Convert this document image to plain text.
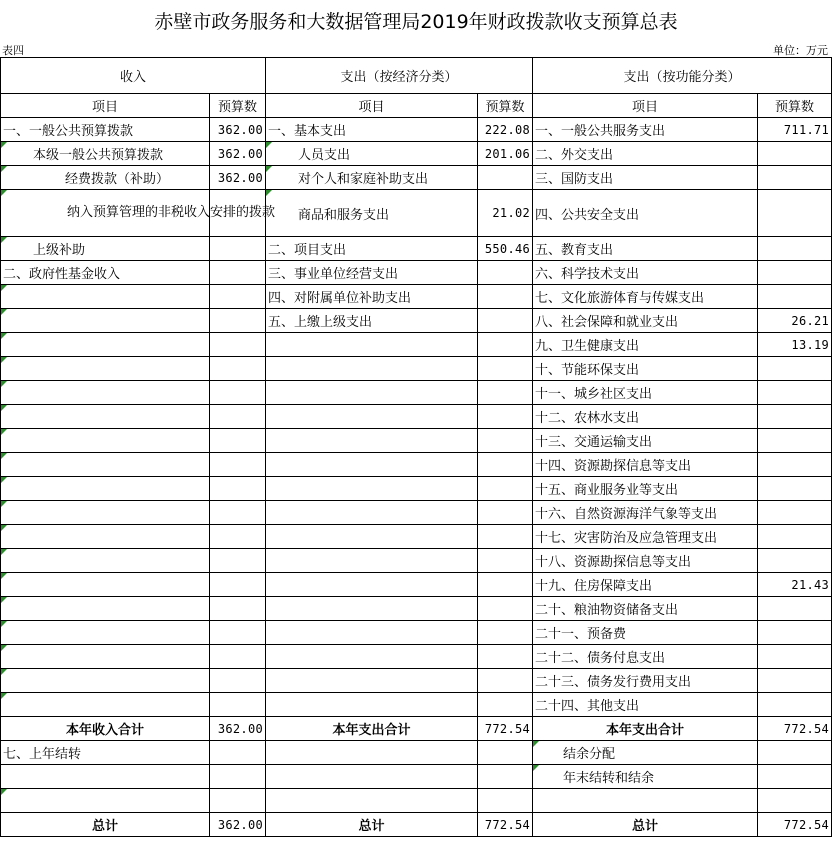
赤壁市政务服务和大数据管理局2019年财政拨款收支预算总表
表四	单位：万元
收入		支出（按经济分类）		支出（按功能分类）	
项目	预算数	项目	预算数	项目	预算数
一、一般公共预算拨款	362.00	一、基本支出	222.08	一、一般公共服务支出	711.71
本级一般公共预算拨款	362.00	人员支出	201.06	二、外交支出	
经费拨款（补助）	362.00	对个人和家庭补助支出		三、国防支出	
纳入预算管理的非税收入安排的拨款		商品和服务支出	21.02	四、公共安全支出	
上级补助		二、项目支出	550.46	五、教育支出	
二、政府性基金收入		三、事业单位经营支出		六、科学技术支出	
		四、对附属单位补助支出		七、文化旅游体育与传媒支出	
		五、上缴上级支出		八、社会保障和就业支出	26.21
				九、卫生健康支出	13.19
				十、节能环保支出	
				十一、城乡社区支出	
				十二、农林水支出	
				十三、交通运输支出	
				十四、资源勘探信息等支出	
				十五、商业服务业等支出	
				十六、自然资源海洋气象等支出	
				十七、灾害防治及应急管理支出	
				十八、资源勘探信息等支出	
				十九、住房保障支出	21.43
				二十、粮油物资储备支出	
				二十一、预备费	
				二十二、债务付息支出	
				二十三、债务发行费用支出	
				二十四、其他支出	
本年收入合计	362.00	本年支出合计	772.54	本年支出合计	772.54
七、上年结转				结余分配	
				年末结转和结余	

总计	362.00	总计	772.54	总计	772.54
